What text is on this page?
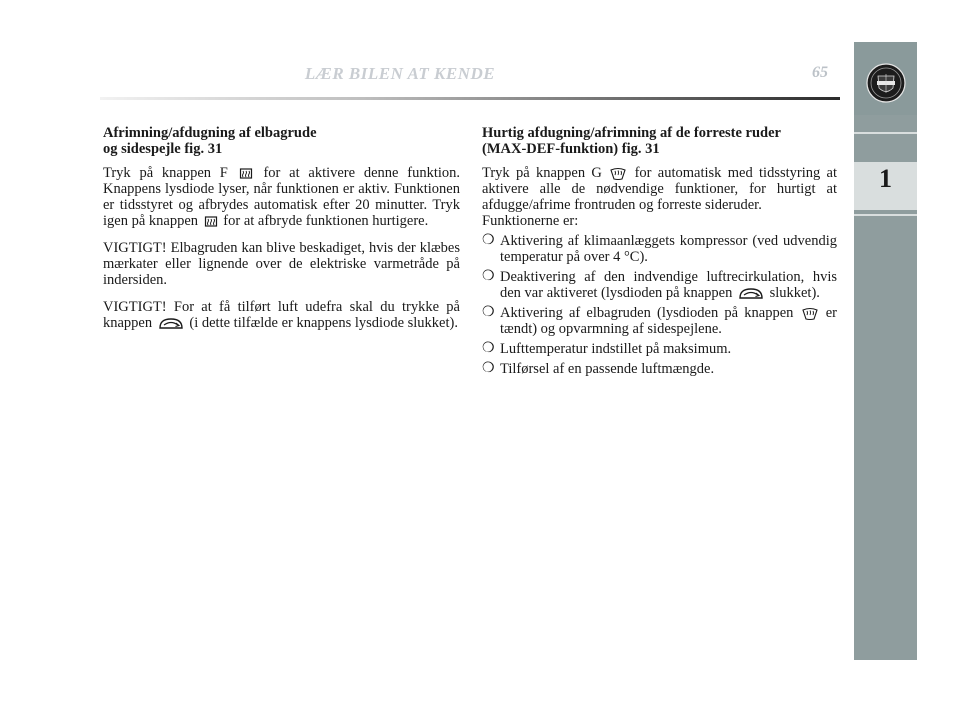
LÆR BILEN AT KENDE	65
1
Afrimning/afdugning af elbagrude
og sidespejle fig. 31

Tryk på knappen F for at aktivere denne funktion. Knappens lysdiode lyser, når funktionen er aktiv. Funktionen er tidsstyret og afbrydes automatisk efter 20 minutter. Tryk igen på knappen for at afbryde funktionen hurtigere.

VIGTIGT! Elbagruden kan blive beskadiget, hvis der klæbes mærkater eller lignende over de elektriske varmetråde på indersiden.

VIGTIGT! For at få tilført luft udefra skal du trykke på knappen	(i dette tilfælde er knappens lysdiode slukket).

Hurtig afdugning/afrimning af de forreste ruder
(MAX-DEF-funktion) fig. 31

Tryk på knappen G for automatisk med tidsstyring at aktivere alle de nødvendige funktioner, for hurtigt at afdugge/afrime frontruden og forreste sideruder.
Funktionerne er:

❍ Aktivering af klimaanlæggets kompressor (ved udvendig temperatur på over 4 °C).
❍ Deaktivering af den indvendige luftrecirkulation, hvis den var aktiveret (lysdioden på knappen	slukket).
❍ Aktivering af elbagruden (lysdioden på knappen er tændt) og opvarmning af sidespejlene.
❍ Lufttemperatur indstillet på maksimum.
❍ Tilførsel af en passende luftmængde.
